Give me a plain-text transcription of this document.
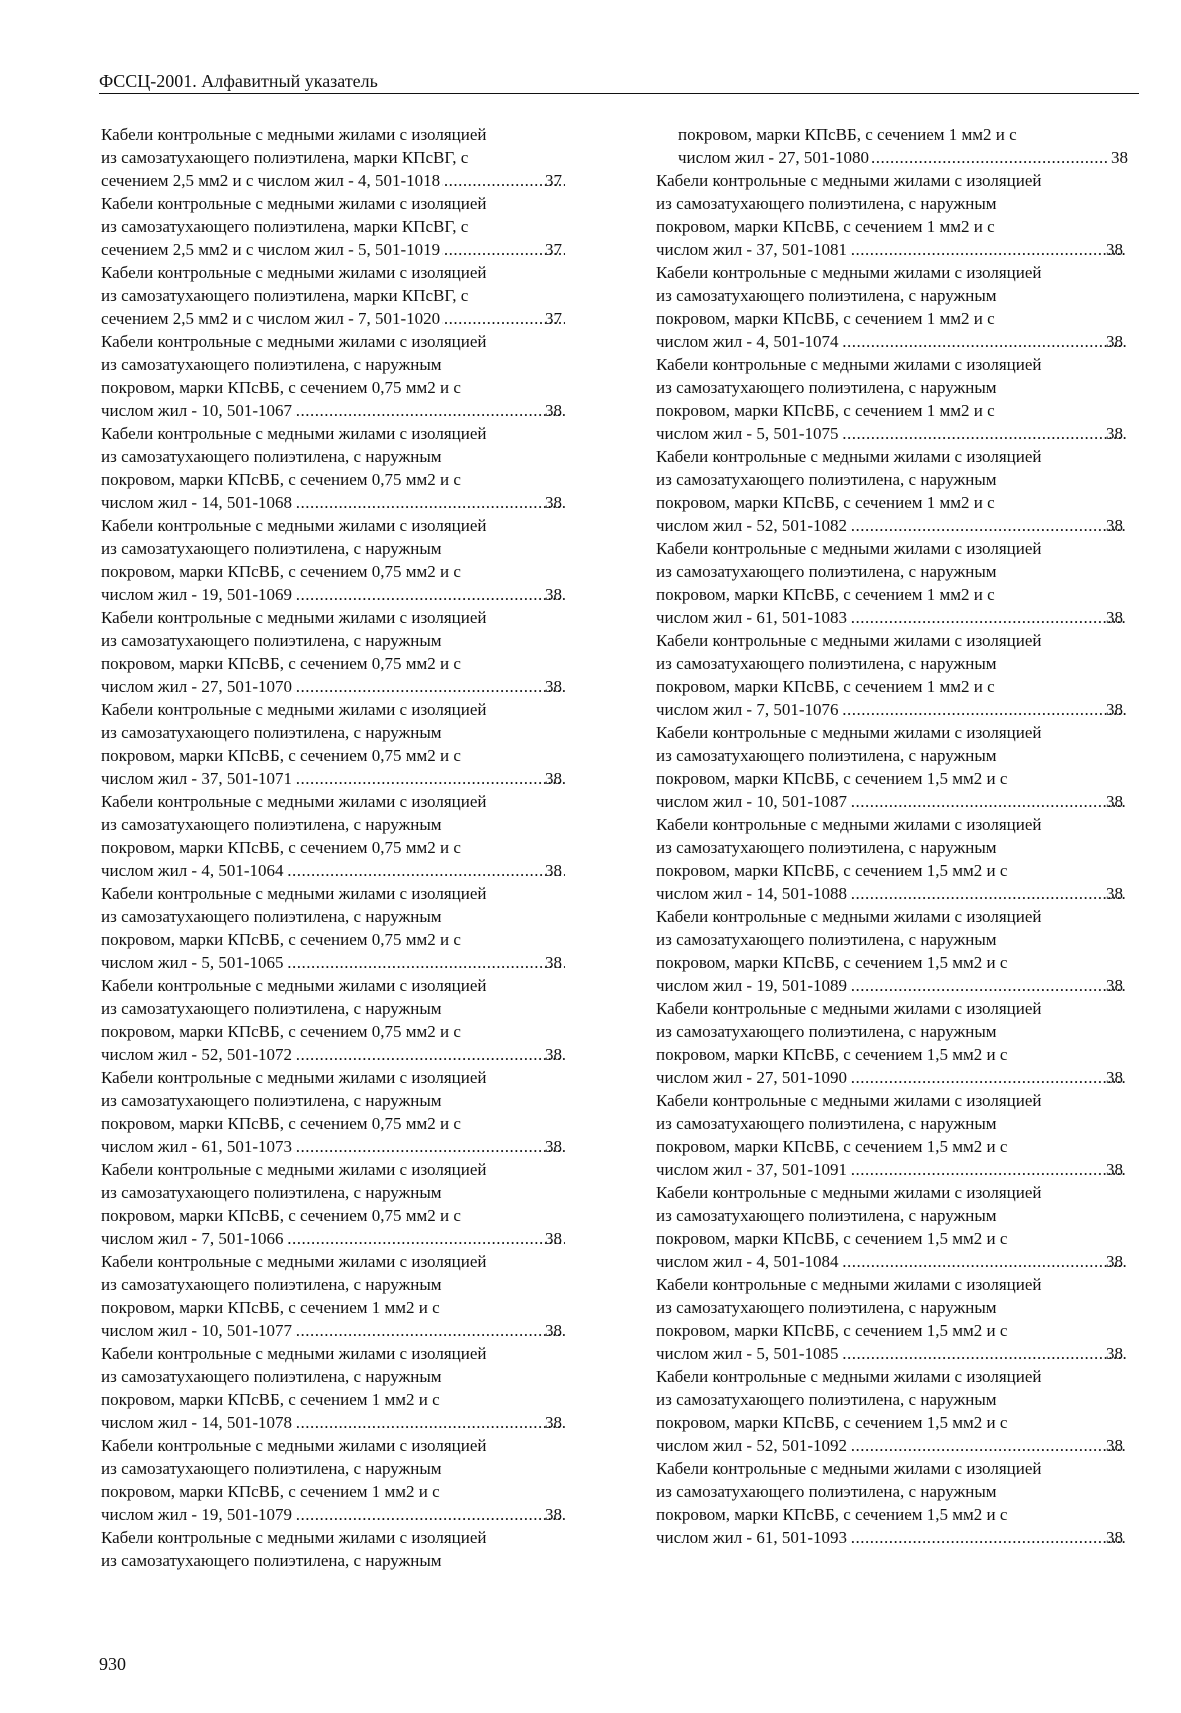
ФССЦ-2001. Алфавитный указатель
Кабели контрольные с медными жилами с изоляцией
из самозатухающего полиэтилена, марки КПсВГ, с
сечением 2,5 мм2 и с числом жил - 4, 501-1018 .....	37
Кабели контрольные с медными жилами с изоляцией
из самозатухающего полиэтилена, марки КПсВГ, с
сечением 2,5 мм2 и с числом жил - 5, 501-1019 .....	37
Кабели контрольные с медными жилами с изоляцией
из самозатухающего полиэтилена, марки КПсВГ, с
сечением 2,5 мм2 и с числом жил - 7, 501-1020 .....	37
Кабели контрольные с медными жилами с изоляцией
из самозатухающего полиэтилена, с наружным
покровом, марки КПсВБ, с сечением 0,75 мм2 и с
числом жил - 10, 501-1067 .....	38
Кабели контрольные с медными жилами с изоляцией
из самозатухающего полиэтилена, с наружным
покровом, марки КПсВБ, с сечением 0,75 мм2 и с
числом жил - 14, 501-1068 .....	38
Кабели контрольные с медными жилами с изоляцией
из самозатухающего полиэтилена, с наружным
покровом, марки КПсВБ, с сечением 0,75 мм2 и с
числом жил - 19, 501-1069 .....	38
Кабели контрольные с медными жилами с изоляцией
из самозатухающего полиэтилена, с наружным
покровом, марки КПсВБ, с сечением 0,75 мм2 и с
числом жил - 27, 501-1070 .....	38
Кабели контрольные с медными жилами с изоляцией
из самозатухающего полиэтилена, с наружным
покровом, марки КПсВБ, с сечением 0,75 мм2 и с
числом жил - 37, 501-1071 .....	38
Кабели контрольные с медными жилами с изоляцией
из самозатухающего полиэтилена, с наружным
покровом, марки КПсВБ, с сечением 0,75 мм2 и с
числом жил - 4, 501-1064 .....	38
Кабели контрольные с медными жилами с изоляцией
из самозатухающего полиэтилена, с наружным
покровом, марки КПсВБ, с сечением 0,75 мм2 и с
числом жил - 5, 501-1065 .....	38
Кабели контрольные с медными жилами с изоляцией
из самозатухающего полиэтилена, с наружным
покровом, марки КПсВБ, с сечением 0,75 мм2 и с
числом жил - 52, 501-1072 .....	38
Кабели контрольные с медными жилами с изоляцией
из самозатухающего полиэтилена, с наружным
покровом, марки КПсВБ, с сечением 0,75 мм2 и с
числом жил - 61, 501-1073 .....	38
Кабели контрольные с медными жилами с изоляцией
из самозатухающего полиэтилена, с наружным
покровом, марки КПсВБ, с сечением 0,75 мм2 и с
числом жил - 7, 501-1066 .....	38
Кабели контрольные с медными жилами с изоляцией
из самозатухающего полиэтилена, с наружным
покровом, марки КПсВБ, с сечением 1 мм2 и с
числом жил - 10, 501-1077 .....	38
Кабели контрольные с медными жилами с изоляцией
из самозатухающего полиэтилена, с наружным
покровом, марки КПсВБ, с сечением 1 мм2 и с
числом жил - 14, 501-1078 .....	38
Кабели контрольные с медными жилами с изоляцией
из самозатухающего полиэтилена, с наружным
покровом, марки КПсВБ, с сечением 1 мм2 и с
числом жил - 19, 501-1079 .....	38
Кабели контрольные с медными жилами с изоляцией
из самозатухающего полиэтилена, с наружным
покровом, марки КПсВБ, с сечением 1 мм2 и с
числом жил - 27, 501-1080 .....	38
Кабели контрольные с медными жилами с изоляцией
из самозатухающего полиэтилена, с наружным
покровом, марки КПсВБ, с сечением 1 мм2 и с
числом жил - 37, 501-1081 .....	38
Кабели контрольные с медными жилами с изоляцией
из самозатухающего полиэтилена, с наружным
покровом, марки КПсВБ, с сечением 1 мм2 и с
числом жил - 4, 501-1074 .....	38
Кабели контрольные с медными жилами с изоляцией
из самозатухающего полиэтилена, с наружным
покровом, марки КПсВБ, с сечением 1 мм2 и с
числом жил - 5, 501-1075 .....	38
Кабели контрольные с медными жилами с изоляцией
из самозатухающего полиэтилена, с наружным
покровом, марки КПсВБ, с сечением 1 мм2 и с
числом жил - 52, 501-1082 .....	38
Кабели контрольные с медными жилами с изоляцией
из самозатухающего полиэтилена, с наружным
покровом, марки КПсВБ, с сечением 1 мм2 и с
числом жил - 61, 501-1083 .....	38
Кабели контрольные с медными жилами с изоляцией
из самозатухающего полиэтилена, с наружным
покровом, марки КПсВБ, с сечением 1 мм2 и с
числом жил - 7, 501-1076 .....	38
Кабели контрольные с медными жилами с изоляцией
из самозатухающего полиэтилена, с наружным
покровом, марки КПсВБ, с сечением 1,5 мм2 и с
числом жил - 10, 501-1087 .....	38
Кабели контрольные с медными жилами с изоляцией
из самозатухающего полиэтилена, с наружным
покровом, марки КПсВБ, с сечением 1,5 мм2 и с
числом жил - 14, 501-1088 .....	38
Кабели контрольные с медными жилами с изоляцией
из самозатухающего полиэтилена, с наружным
покровом, марки КПсВБ, с сечением 1,5 мм2 и с
числом жил - 19, 501-1089 .....	38
Кабели контрольные с медными жилами с изоляцией
из самозатухающего полиэтилена, с наружным
покровом, марки КПсВБ, с сечением 1,5 мм2 и с
числом жил - 27, 501-1090 .....	38
Кабели контрольные с медными жилами с изоляцией
из самозатухающего полиэтилена, с наружным
покровом, марки КПсВБ, с сечением 1,5 мм2 и с
числом жил - 37, 501-1091 .....	38
Кабели контрольные с медными жилами с изоляцией
из самозатухающего полиэтилена, с наружным
покровом, марки КПсВБ, с сечением 1,5 мм2 и с
числом жил - 4, 501-1084 .....	38
Кабели контрольные с медными жилами с изоляцией
из самозатухающего полиэтилена, с наружным
покровом, марки КПсВБ, с сечением 1,5 мм2 и с
числом жил - 5, 501-1085 .....	38
Кабели контрольные с медными жилами с изоляцией
из самозатухающего полиэтилена, с наружным
покровом, марки КПсВБ, с сечением 1,5 мм2 и с
числом жил - 52, 501-1092 .....	38
Кабели контрольные с медными жилами с изоляцией
из самозатухающего полиэтилена, с наружным
покровом, марки КПсВБ, с сечением 1,5 мм2 и с
числом жил - 61, 501-1093 .....	38
930
